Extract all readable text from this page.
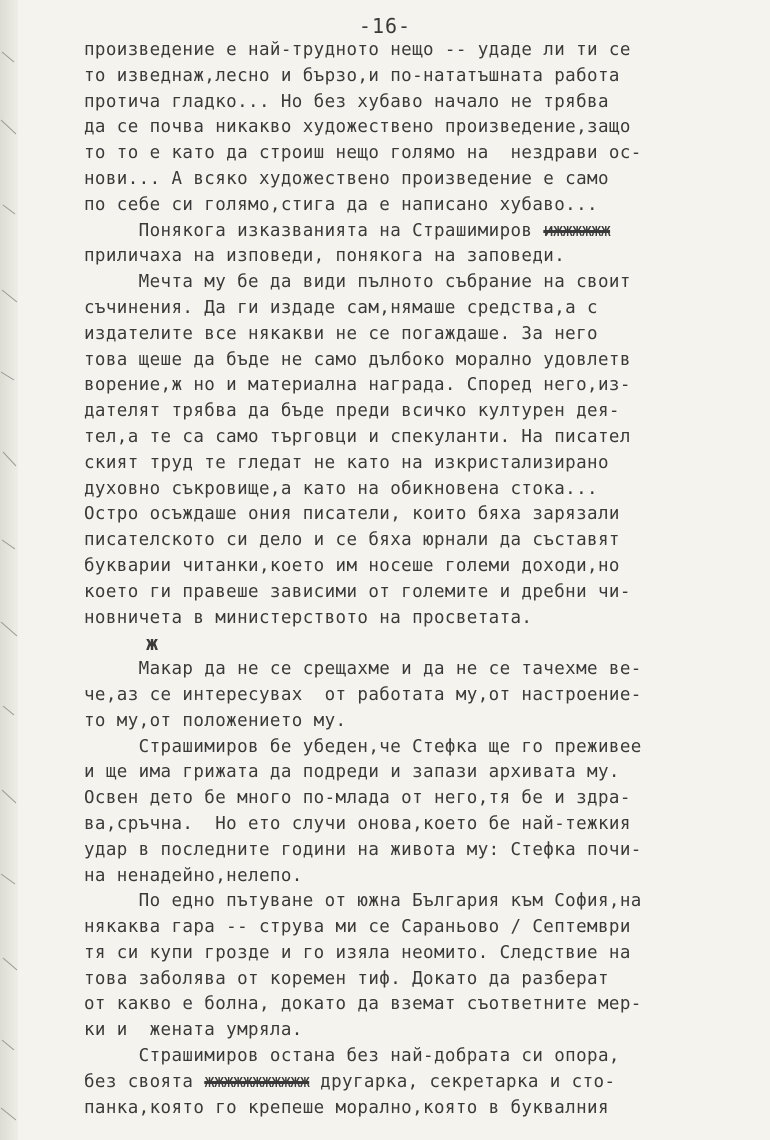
-16-
произведение е най-трудното нещо -- удаде ли ти се
то изведнаж,лесно и бързо,и по-нататъшната работа
протича гладко... Но без хубаво начало не трябва
да се почва никакво художествено произведение,защо
то то е като да строиш нещо голямо на  нездрави ос-
нови... А всяко художествено произведение е само
по себе си голямо,стига да е написано хубаво...
Понякога изказванията на Страшимиров ижжжжжж
приличаха на изповеди, понякога на заповеди.
Мечта му бе да види пълното събрание на своит
съчинения. Да ги издаде сам,нямаше средства,а с
издателите все някакви не се погаждаше. За него
това щеше да бъде не само дълбоко морално удовлетв
ворение,ж но и материална награда. Според него,из-
дателят трябва да бъде преди всичко културен дея-
тел,а те са само търговци и спекуланти. На писател
ският труд те гледат не като на изкристализирано
духовно съкровище,а като на обикновена стока...
Остро осъждаше ония писатели, които бяха зарязали
писателското си дело и се бяха юрнали да съставят
букварии читанки,което им носеше големи доходи,но
което ги правеше зависими от големите и дребни чи-
новничета в министерството на просветата.
ж
Макар да не се срещахме и да не се тачехме ве-
че,аз се интересувах  от работата му,от настроение-
то му,от положението му.
Страшимиров бе убеден,че Стефка ще го преживее
и ще има грижата да подреди и запази архивата му.
Освен дето бе много по-млада от него,тя бе и здра-
ва,сръчна.  Но ето случи онова,което бе най-тежкия
удар в последните години на живота му: Стефка почи-
на ненадейно,нелепо.
По едно пътуване от южна България към София,на
някаква гара -- струва ми се Сараньово / Септември
тя си купи грозде и го изяла неомито. Следствие на
това заболява от коремен тиф. Докато да разберат
от какво е болна, докато да вземат съответните мер-
ки и  жената умряла.
Страшимиров остана без най-добрата си опора,
без своята жжжжжжжжжжж другарка, секретарка и сто-
панка,която го крепеше морално,която в буквалния
